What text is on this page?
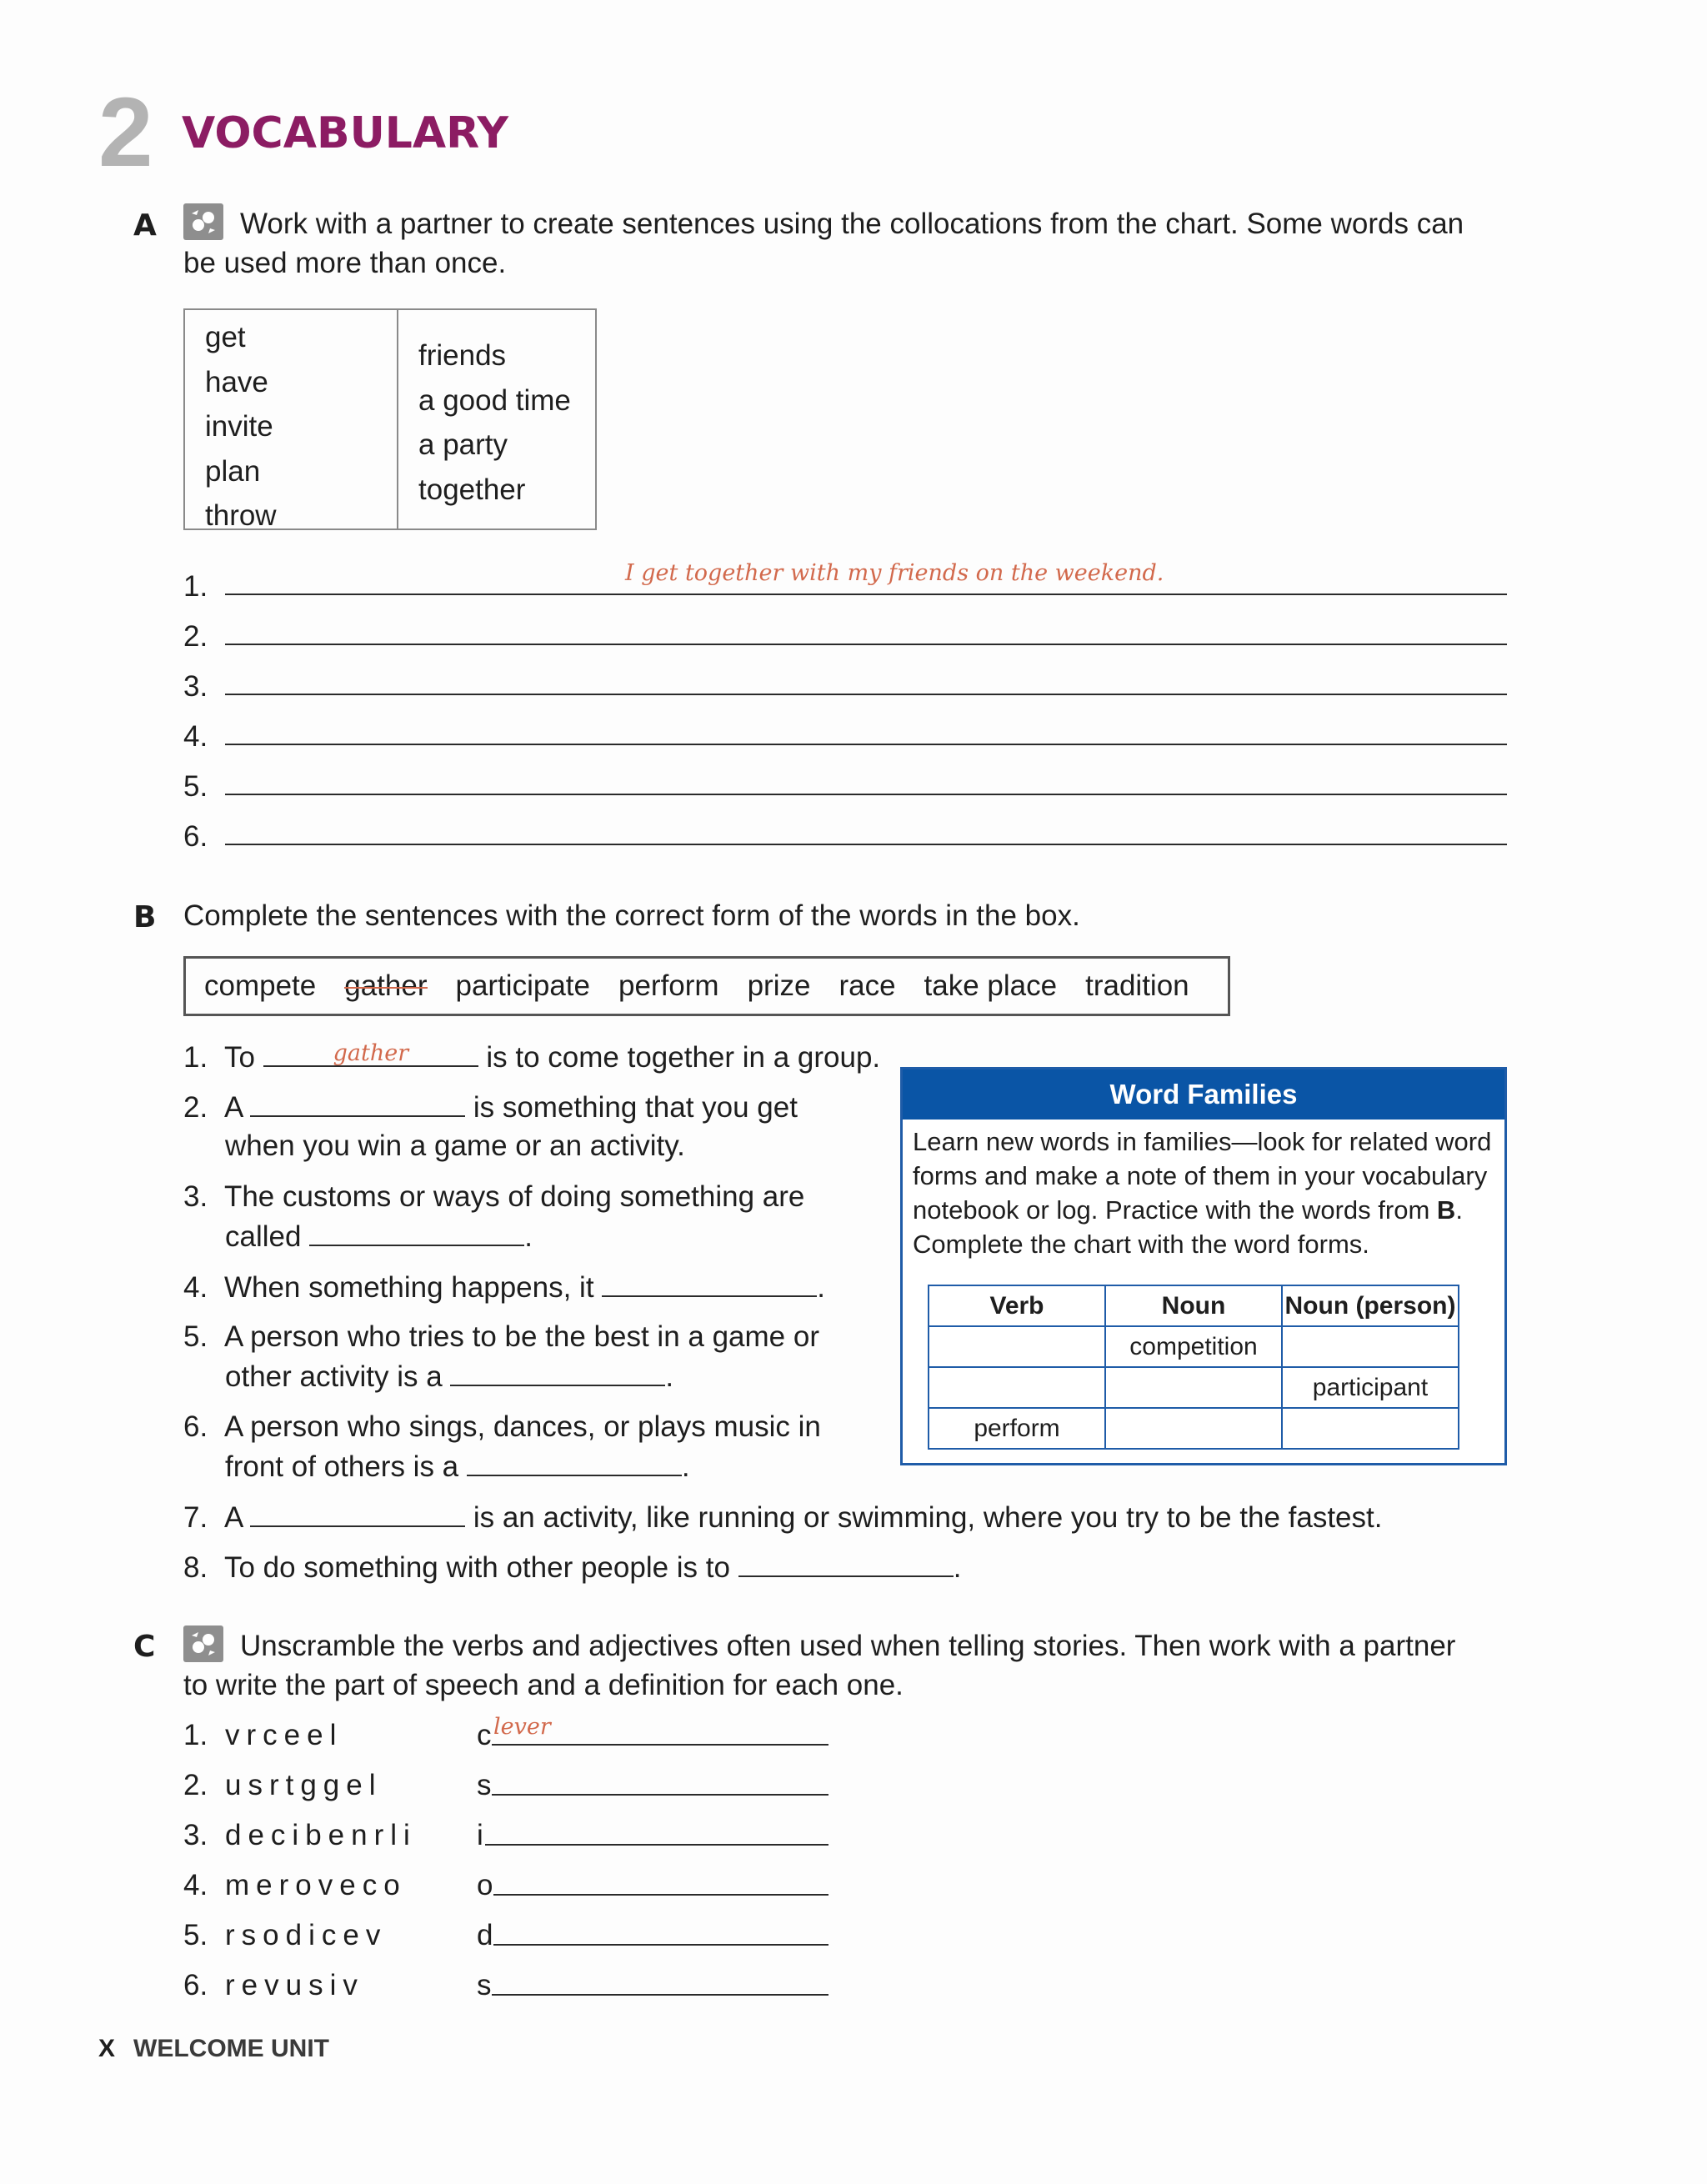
2 VOCABULARY
A	Work with a partner to create sentences using the collocations from the chart. Some words can
be used more than once.
get
have
invite
plan
throw
friends
a good time
a party
together
1.	I get together with my friends on the weekend.
2.
3.
4.
5.
6.
B Complete the sentences with the correct form of the words in the box.
compete gather participate perform prize race take place tradition
1. To	gather	is to come together in a group.
2. A	is something that you get
when you win a game or an activity.
3. The customs or ways of doing something are
called	.
4. When something happens, it	.
5. A person who tries to be the best in a game or
other activity is a	.
6. A person who sings, dances, or plays music in
front of others is a	.
7. A	is an activity, like running or swimming, where you try to be the fastest.
8. To do something with other people is to	.
Word Families
Learn new words in families—look for related word
forms and make a note of them in your vocabulary
notebook or log. Practice with the words from B.
Complete the chart with the word forms.
Verb	Noun	Noun (person)
	competition	
		participant
perform		
C	Unscramble the verbs and adjectives often used when telling stories. Then work with a partner
to write the part of speech and a definition for each one.
1. vrceel	c lever
2. usrtggel	s
3. decibenrli i
4. meroveco o
5. rsodicev	d
6. revusiv	s
X WELCOME UNIT
